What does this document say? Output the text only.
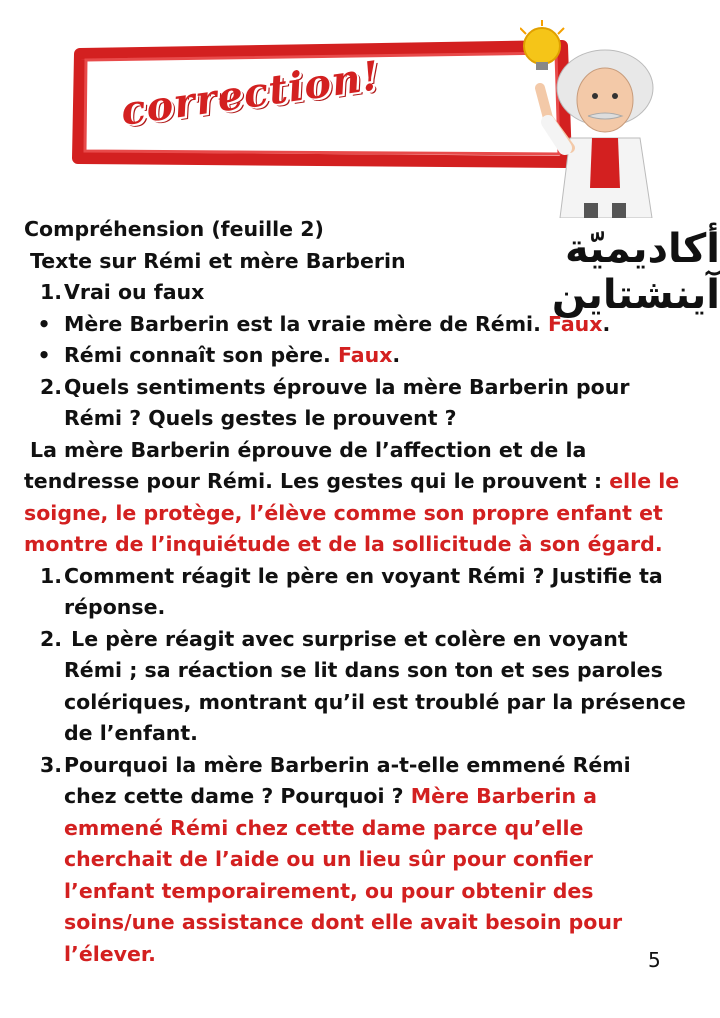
correction!
أكاديميّة آينشتاين
Compréhension (feuille 2)
Texte sur Rémi et mère Barberin
1.Vrai ou faux
• Mère Barberin est la vraie mère de Rémi. Faux.
• Rémi connaît son père. Faux.
2.Quels sentiments éprouve la mère Barberin pour
Rémi ? Quels gestes le prouvent ?
La mère Barberin éprouve de l’affection et de la
tendresse pour Rémi. Les gestes qui le prouvent : elle le
soigne, le protège, l’élève comme son propre enfant et
montre de l’inquiétude et de la sollicitude à son égard.
1.Comment réagit le père en voyant Rémi ? Justifie ta
réponse.
2. Le père réagit avec surprise et colère en voyant
Rémi ; sa réaction se lit dans son ton et ses paroles
colériques, montrant qu’il est troublé par la présence
de l’enfant.
3.Pourquoi la mère Barberin a-t-elle emmené Rémi
chez cette dame ? Pourquoi ? Mère Barberin a
emmené Rémi chez cette dame parce qu’elle
cherchait de l’aide ou un lieu sûr pour confier
l’enfant temporairement, ou pour obtenir des
soins/une assistance dont elle avait besoin pour
l’élever.	5
